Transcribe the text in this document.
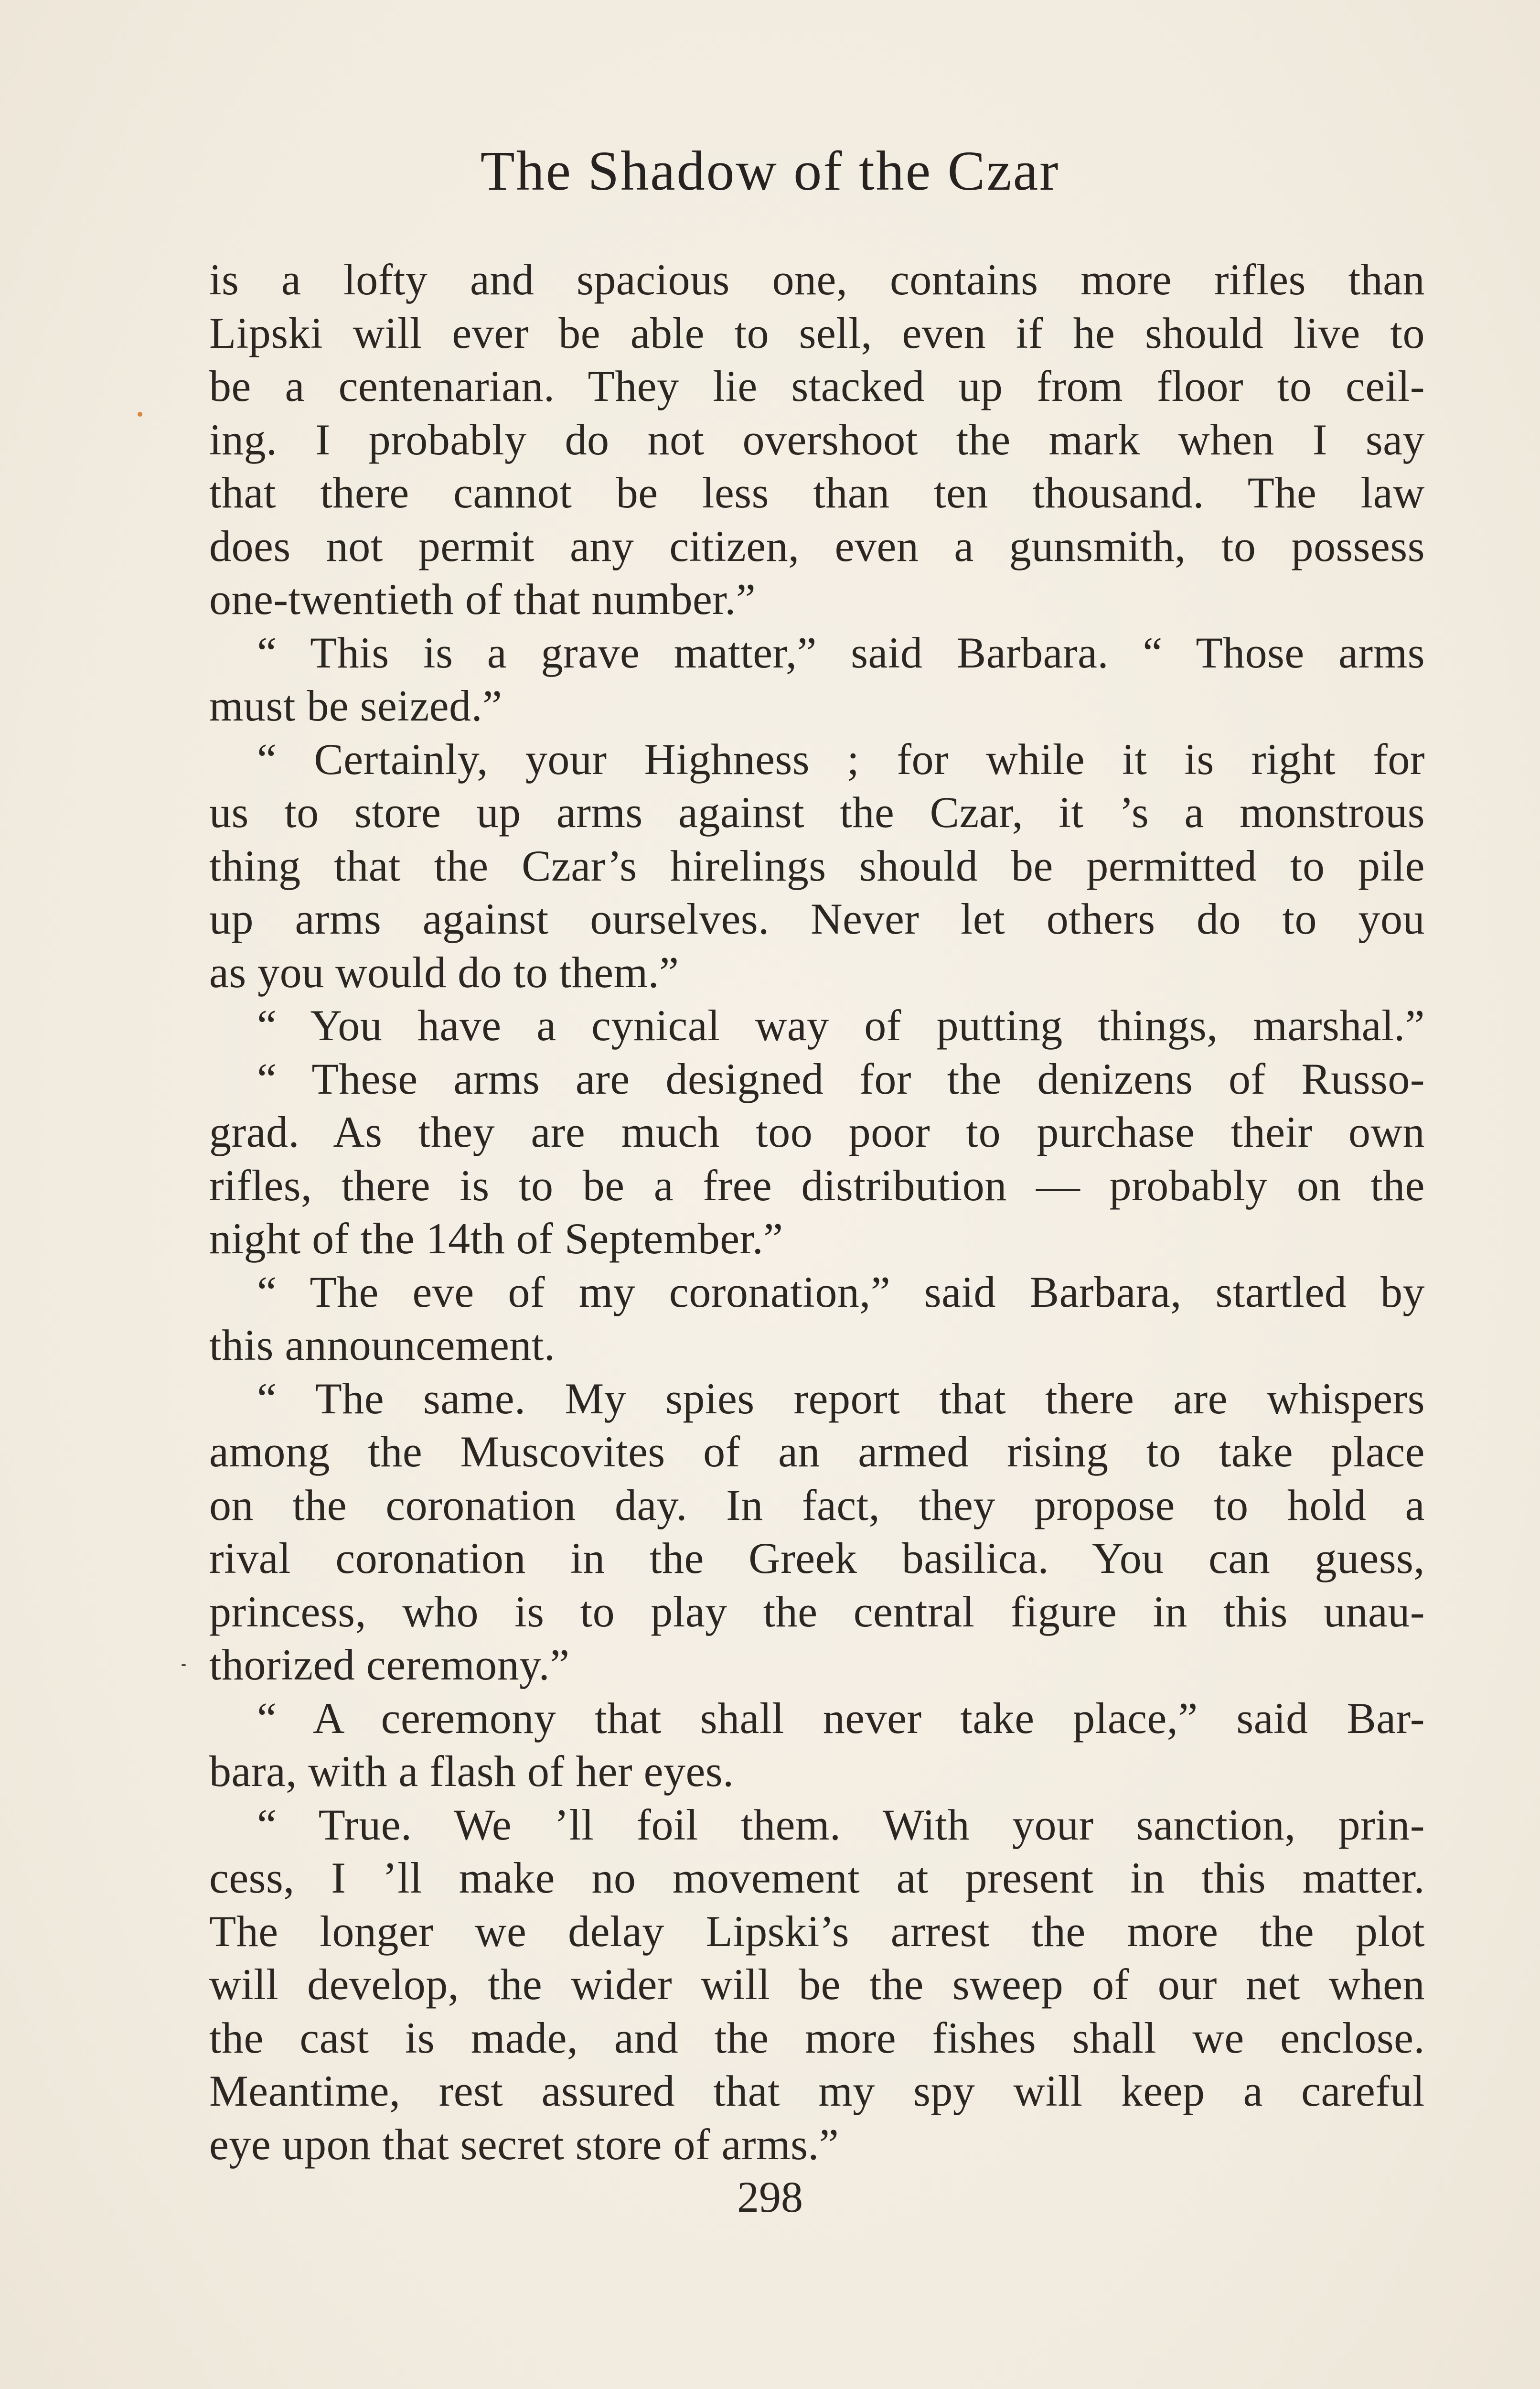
The Shadow of the Czar
is a lofty and spacious one, contains more rifles than
Lipski will ever be able to sell, even if he should live to
be a centenarian. They lie stacked up from floor to ceil-
ing. I probably do not overshoot the mark when I say
that there cannot be less than ten thousand. The law
does not permit any citizen, even a gunsmith, to possess
one-twentieth of that number.”
“ This is a grave matter,” said Barbara. “ Those arms
must be seized.”
“ Certainly, your Highness ; for while it is right for
us to store up arms against the Czar, it ’s a monstrous
thing that the Czar’s hirelings should be permitted to pile
up arms against ourselves. Never let others do to you
as you would do to them.”
“ You have a cynical way of putting things, marshal.”
“ These arms are designed for the denizens of Russo-
grad. As they are much too poor to purchase their own
rifles, there is to be a free distribution — probably on the
night of the 14th of September.”
“ The eve of my coronation,” said Barbara, startled by
this announcement.
“ The same. My spies report that there are whispers
among the Muscovites of an armed rising to take place
on the coronation day. In fact, they propose to hold a
rival coronation in the Greek basilica. You can guess,
princess, who is to play the central figure in this unau-
thorized ceremony.”
“ A ceremony that shall never take place,” said Bar-
bara, with a flash of her eyes.
“ True. We ’ll foil them. With your sanction, prin-
cess, I ’ll make no movement at present in this matter.
The longer we delay Lipski’s arrest the more the plot
will develop, the wider will be the sweep of our net when
the cast is made, and the more fishes shall we enclose.
Meantime, rest assured that my spy will keep a careful
eye upon that secret store of arms.”
298
